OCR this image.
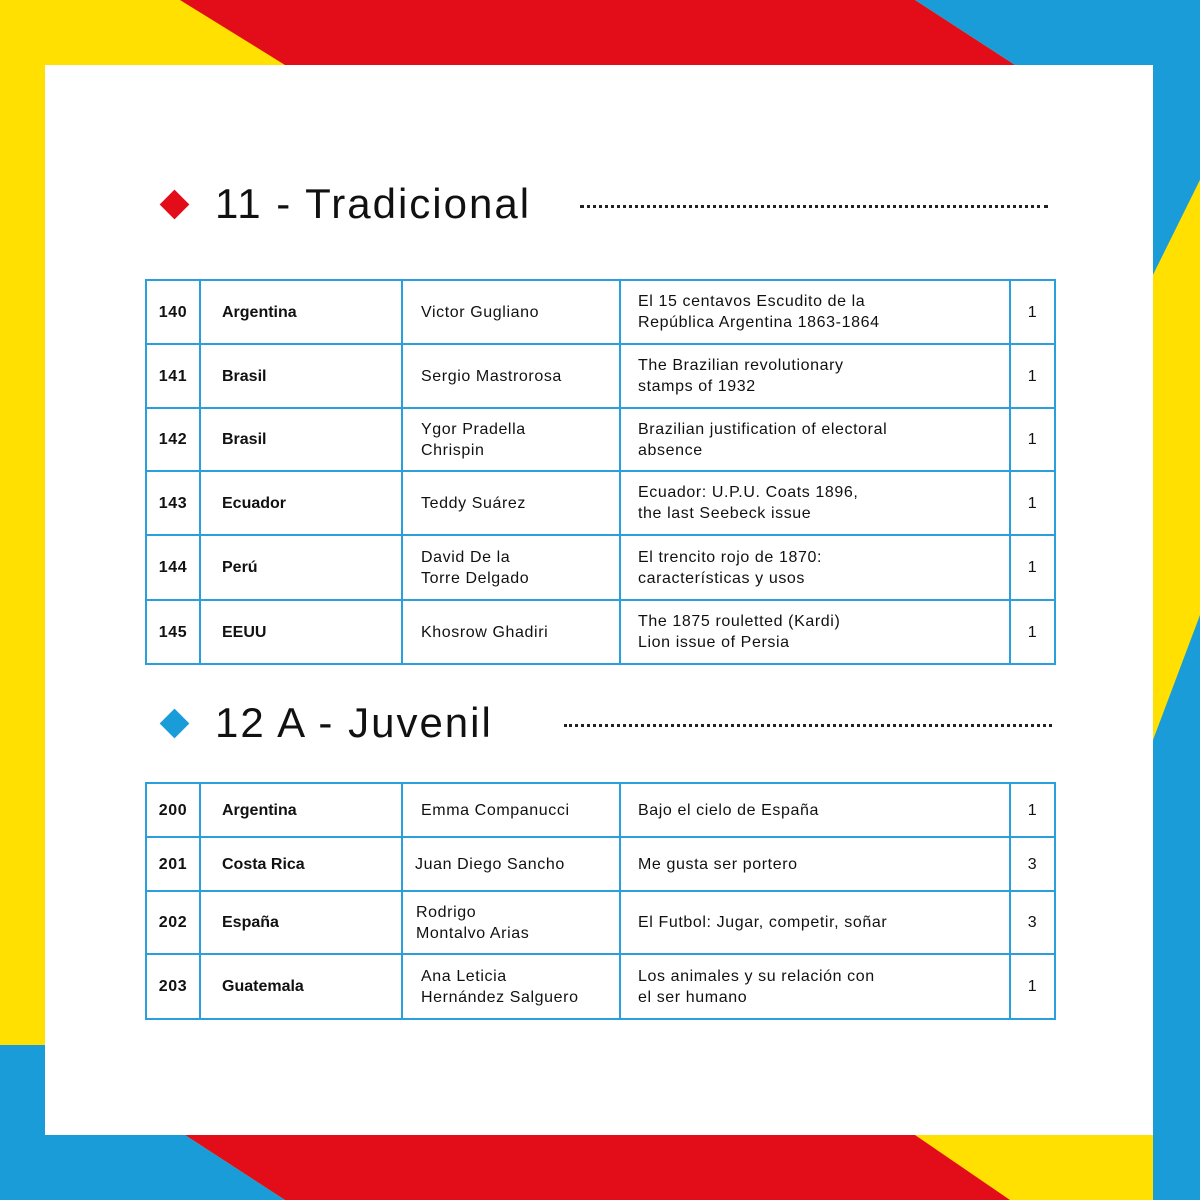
11 - Tradicional
140	Argentina	Victor Gugliano	El 15 centavos Escudito de la
República Argentina 1863-1864	1
141	Brasil	Sergio Mastrorosa	The Brazilian revolutionary
stamps of 1932	1
142	Brasil	Ygor Pradella
Chrispin	Brazilian justification of electoral
absence	1
143	Ecuador	Teddy Suárez	Ecuador: U.P.U. Coats 1896,
the last Seebeck issue	1
144	Perú	David De la
Torre Delgado	El trencito rojo de 1870:
características y usos	1
145	EEUU	Khosrow Ghadiri	The 1875 rouletted (Kardi)
Lion issue of Persia	1
12 A - Juvenil
200	Argentina	Emma Companucci	Bajo el cielo de España	1
201	Costa Rica	Juan Diego Sancho	Me gusta ser portero	3
202	España	Rodrigo
Montalvo Arias	El Futbol: Jugar, competir, soñar	3
203	Guatemala	Ana Leticia
Hernández Salguero	Los animales y su relación con
el ser humano	1
